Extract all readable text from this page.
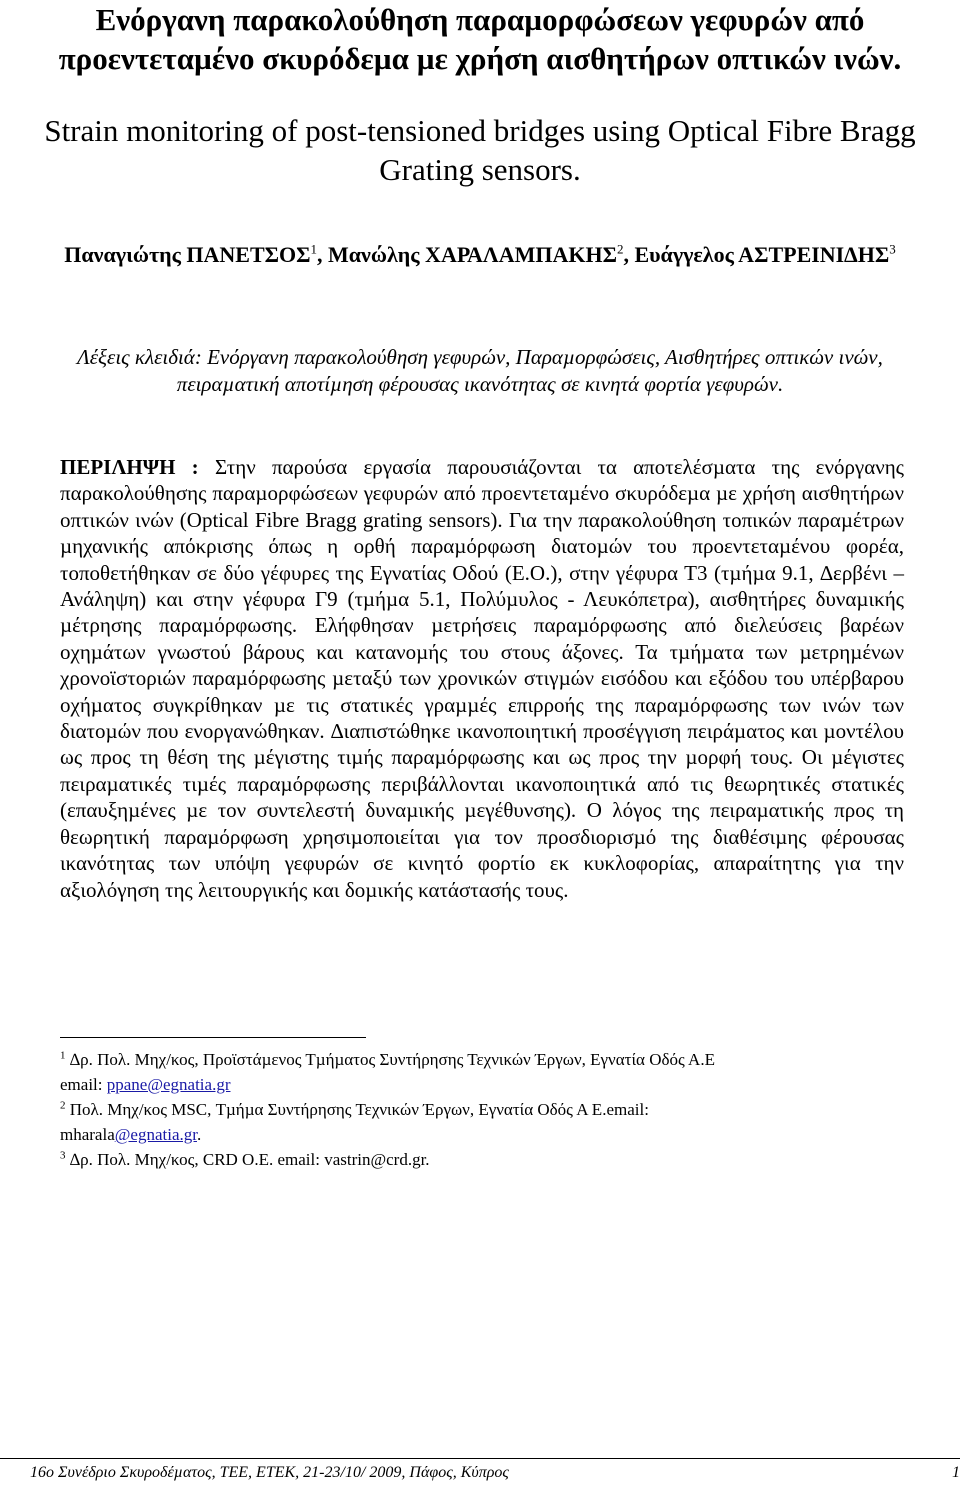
Ενόργανη παρακολούθηση παραµορφώσεων γεφυρών από προεντεταµένο σκυρόδεµα µε χρήση αισθητήρων οπτικών ινών.
Strain monitoring of post-tensioned bridges using Optical Fibre Bragg Grating sensors.
Παναγιώτης ΠΑΝΕΤΣΟΣ$^1$, Μανώλης ΧΑΡΑΛΑΜΠΑΚΗΣ$^2$, Ευάγγελος $A\Sigma TPEINI\Delta H\Sigma^3$
Λέξεις κλειδιά: Ενόργανη παρακολούθηση γεφυρών, Παραµορφώσεις, Αισθητήρες οπτικών ινών, πειραµατική αποτίµηση φέρουσας ικανότητας σε κινητά φορτία γεφυρών.
ΠΕΡΙΛΗΨΗ : Στην παρούσα εργασία παρουσιάζονται τα αποτελέσµατα της ενόργανης παρακολούθησης παραµορφώσεων γεφυρών από προεντεταµένο σκυρόδεµα µε χρήση αισθητήρων οπτικών ινών (Optical Fibre Bragg grating sensors). Για την παρακολούθηση τοπικών παραµέτρων µηχανικής απόκρισης όπως η ορθή παραµόρφωση διατοµών του προεντεταµένου φορέα, τοποθετήθηκαν σε δύο γέφυρες της Εγνατίας Οδού (Ε.Ο.), στην γέφυρα Τ3 (τµήµα 9.1, ∆ερβένι – Ανάληψη) και στην γέφυρα Γ9 (τµήµα 5.1, Πολύµυλος - Λευκόπετρα), αισθητήρες δυναµικής µέτρησης παραµόρφωσης. Ελήφθησαν µετρήσεις παραµόρφωσης από διελεύσεις βαρέων οχηµάτων γνωστού βάρους και κατανοµής του στους άξονες. Τα τµήµατα των µετρηµένων χρονοϊστοριών παραµόρφωσης µεταξύ των χρονικών στιγµών εισόδου και εξόδου του υπέρβαρου οχήµατος συγκρίθηκαν µε τις στατικές γραµµές επιρροής της παραµόρφωσης των ινών των διατοµών που ενοργανώθηκαν. ∆ιαπιστώθηκε ικανοποιητική προσέγγιση πειράµατος και µοντέλου ως προς τη θέση της µέγιστης τιµής παραµόρφωσης και ως προς την µορφή τους. Οι µέγιστες πειραµατικές τιµές παραµόρφωσης περιβάλλονται ικανοποιητικά από τις θεωρητικές στατικές (επαυξηµένες µε τον συντελεστή δυναµικής µεγέθυνσης). Ο λόγος της πειραµατικής προς τη θεωρητική παραµόρφωση χρησιµοποιείται για τον προσδιορισµό της διαθέσιµης φέρουσας ικανότητας των υπόψη γεφυρών σε κινητό φορτίο εκ κυκλοφορίας, απαραίτητης για την αξιολόγηση της λειτουργικής και δοµικής κατάστασής τους.
$^1$ ∆ρ. Πολ. Μηχ/κος, Προϊστάµενος Τµήµατος Συντήρησης Τεχνικών Έργων, Εγνατία Οδός Α.Ε
email: ppane@egnatia.gr
$^2$ Πολ. Μηχ/κος MSC, Τµήµα Συντήρησης Τεχνικών Έργων, Εγνατία Οδός Α Ε.email:
mharala@egnatia.gr.
$^3$ ∆ρ. Πολ. Μηχ/κος, CRD O.E. email: vastrin@crd.gr.
16ο Συνέδριο Σκυροδέµατος, ΤΕΕ, ΕΤΕΚ, 21-23/10/ 2009, Πάφος, Κύπρος	1
